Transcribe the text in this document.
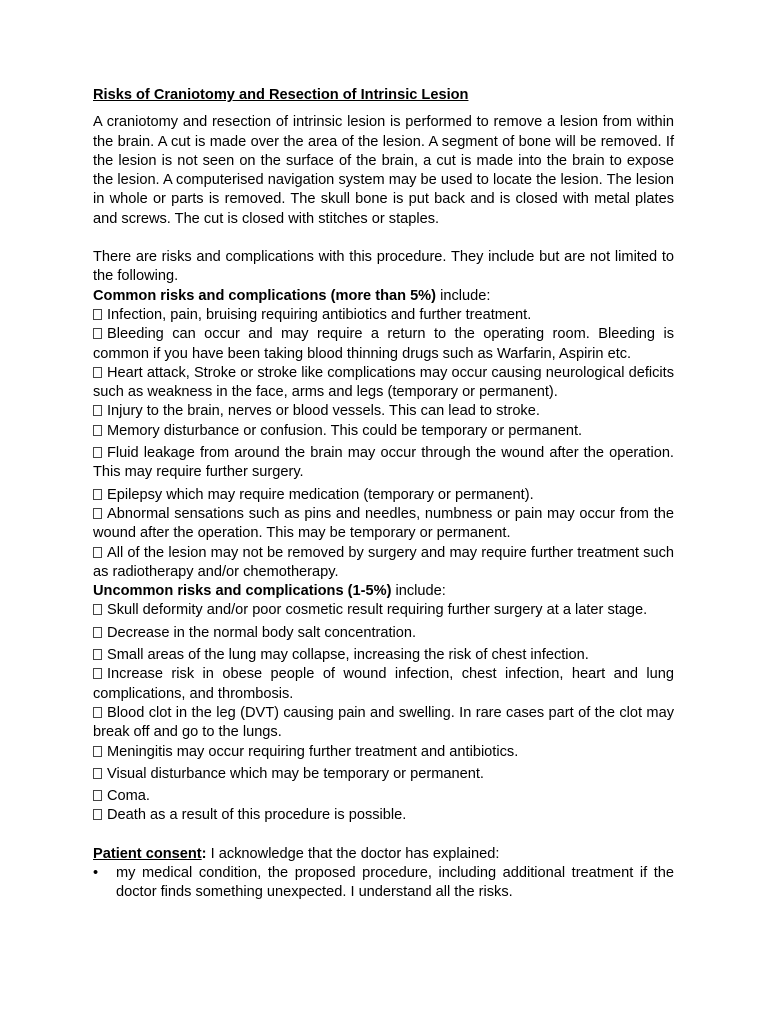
Risks of Craniotomy and Resection of Intrinsic Lesion

A craniotomy and resection of intrinsic lesion is performed to remove a lesion from within the brain. A cut is made over the area of the lesion. A segment of bone will be removed. If the lesion is not seen on the surface of the brain, a cut is made into the brain to expose the lesion. A computerised navigation system may be used to locate the lesion. The lesion in whole or parts is removed. The skull bone is put back and is closed with metal plates and screws. The cut is closed with stitches or staples.

There are risks and complications with this procedure. They include but are not limited to the following.

Common risks and complications (more than 5%) include:

Infection, pain, bruising requiring antibiotics and further treatment.
Bleeding can occur and may require a return to the operating room. Bleeding is common if you have been taking blood thinning drugs such as Warfarin, Aspirin etc.
Heart attack, Stroke or stroke like complications may occur causing neurological deficits such as weakness in the face, arms and legs (temporary or permanent).
Injury to the brain, nerves or blood vessels. This can lead to stroke.
Memory disturbance or confusion. This could be temporary or permanent.
Fluid leakage from around the brain may occur through the wound after the operation. This may require further surgery.
Epilepsy which may require medication (temporary or permanent).
Abnormal sensations such as pins and needles, numbness or pain may occur from the wound after the operation. This may be temporary or permanent.
All of the lesion may not be removed by surgery and may require further treatment such as radiotherapy and/or chemotherapy.

Uncommon risks and complications (1-5%) include:

Skull deformity and/or poor cosmetic result requiring further surgery at a later stage.
Decrease in the normal body salt concentration.
Small areas of the lung may collapse, increasing the risk of chest infection.
Increase risk in obese people of wound infection, chest infection, heart and lung complications, and thrombosis.
Blood clot in the leg (DVT) causing pain and swelling. In rare cases part of the clot may break off and go to the lungs.
Meningitis may occur requiring further treatment and antibiotics.
Visual disturbance which may be temporary or permanent.
Coma.
Death as a result of this procedure is possible.

Patient consent: I acknowledge that the doctor has explained:

• my medical condition, the proposed procedure, including additional treatment if the doctor finds something unexpected. I understand all the risks.
